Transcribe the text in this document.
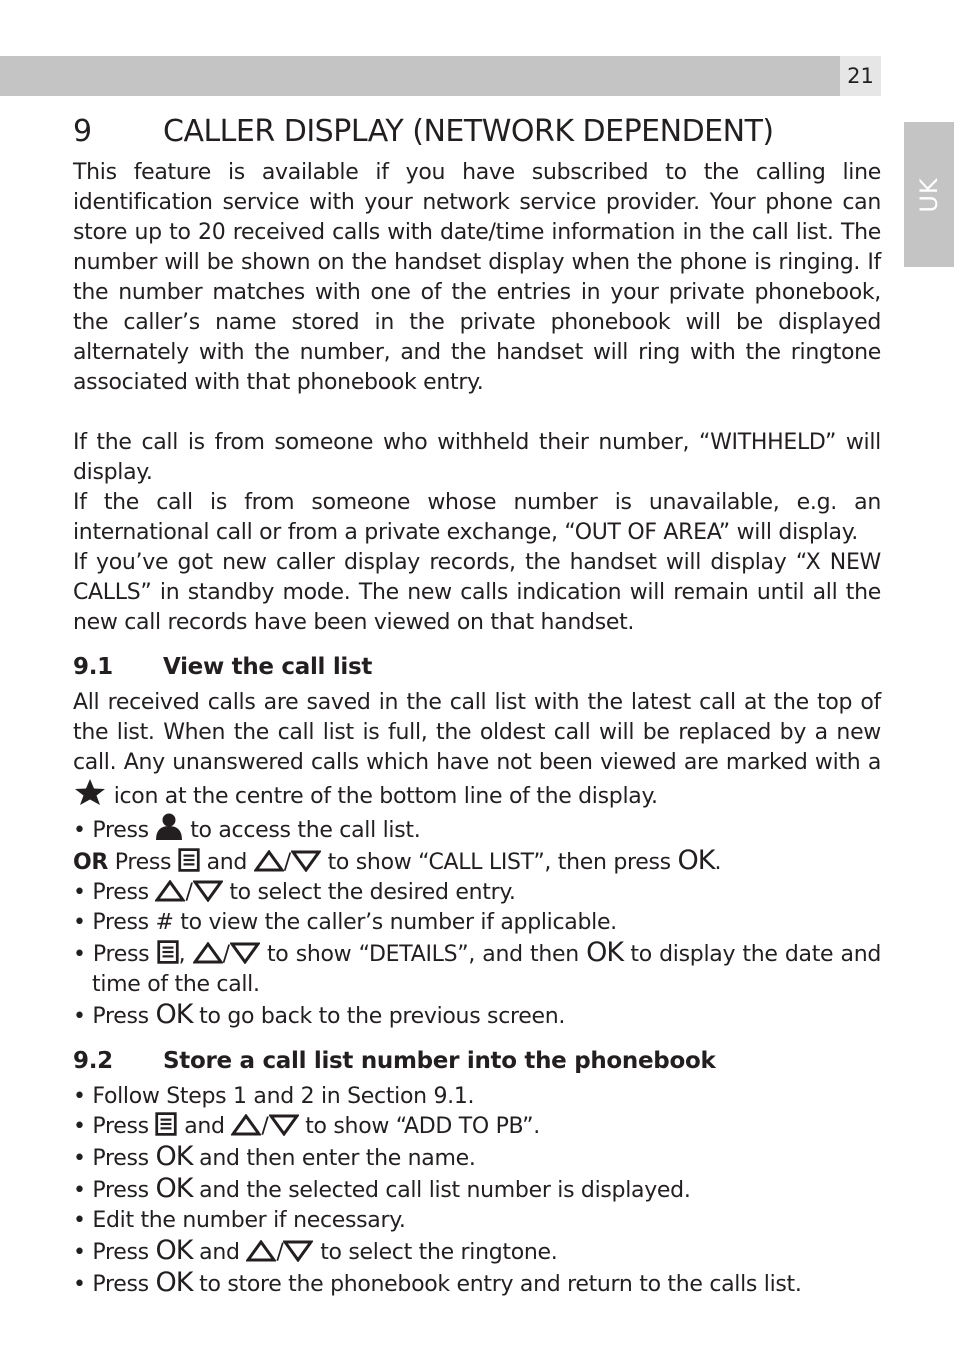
21
UK
9	CALLER DISPLAY (NETWORK DEPENDENT)

This feature is available if you have subscribed to the calling line identification service with your network service provider. Your phone can store up to 20 received calls with date/time information in the call list. The number will be shown on the handset display when the phone is ringing. If the number matches with one of the entries in your private phonebook, the caller’s name stored in the private phonebook will be displayed alternately with the number, and the handset will ring with the ringtone associated with that phonebook entry.

If the call is from someone who withheld their number, “WITHHELD” will display.

If the call is from someone whose number is unavailable, e.g. an international call or from a private exchange, “OUT OF AREA” will display.

If you’ve got new caller display records, the handset will display “X NEW CALLS” in standby mode. The new calls indication will remain until all the new call records have been viewed on that handset.

9.1	View the call list

All received calls are saved in the call list with the latest call at the top of the list. When the call list is full, the oldest call will be replaced by a new call. Any unanswered calls which have not been viewed are marked with a  icon at the centre of the bottom line of the display.

• Press to access the call list.

OR Press and / to show “CALL LIST”, then press OK.

• Press / to select the desired entry.

• Press # to view the caller’s number if applicable.

• Press , / to show “DETAILS”, and then OK to display the date and time of the call.

• Press OK to go back to the previous screen.

9.2	Store a call list number into the phonebook

• Follow Steps 1 and 2 in Section 9.1.

• Press and / to show “ADD TO PB”.

• Press OK and then enter the name.

• Press OK and the selected call list number is displayed.

• Edit the number if necessary.

• Press OK and / to select the ringtone.

• Press OK to store the phonebook entry and return to the calls list.
